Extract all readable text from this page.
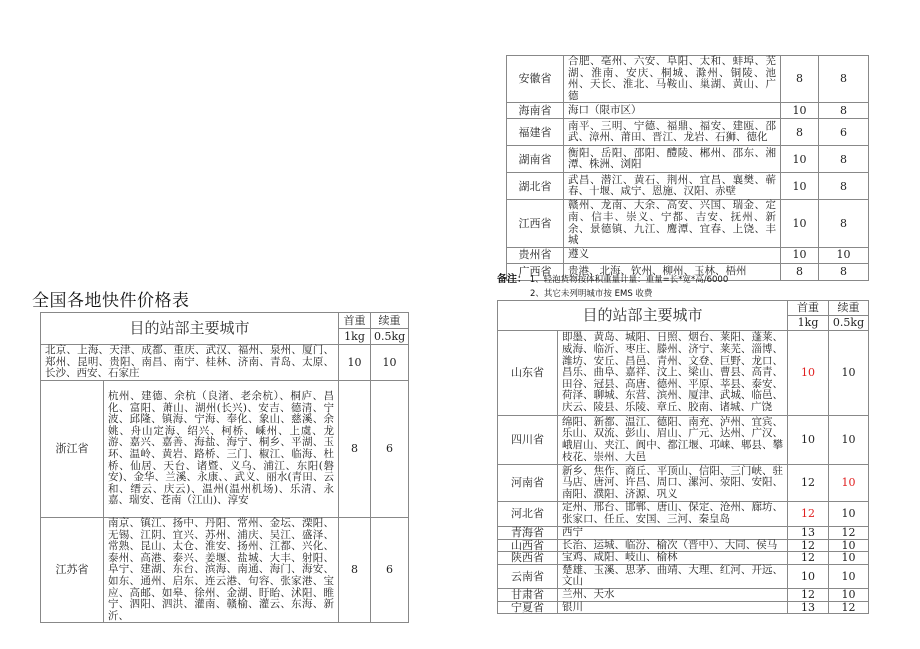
全国各地快件价格表
目的站部主要城市		首重	续重
		1kg	0.5kg
北京、上海、天津、成都、重庆、武汉、福州、泉州、厦门、郑州、昆明、贵阳、南昌、南宁、桂林、济南、青岛、太原、长沙、西安、石家庄		10	10
浙江省	杭州、建德、余杭（良渚、老余杭）、桐庐、昌化、富阳、萧山、湖州(长兴)、安吉、德清、宁波、邱隆、镇海、宁海、奉化、象山、慈溪、余姚、舟山定海、绍兴、柯桥、嵊州、上虞、龙游、嘉兴、嘉善、海盐、海宁、桐乡、平湖、玉环、温岭、黄岩、路桥、三门、椒江、临海、杜桥、仙居、天台、诸暨、义乌、浦江、东阳(磐安)、金华、兰溪、永康、、武义、丽水(青田、云和、缙云、庆云)、温州(温州机场)、乐清、永嘉、瑞安、苍南（江山)、淳安	8	6
江苏省	南京、镇江、扬中、丹阳、常州、金坛、溧阳、无锡、江阴、宜兴、苏州、浦庆、吴江、盛泽、常熟、昆山、太仓、淮安、扬州、江都、兴化、泰州、高港、泰兴、姜堰、盐城、大丰、射阳、阜宁、建湖、东台、滨海、南通、海门、海安、如东、通州、启东、连云港、句容、张家港、宝应、高邮、如皋、徐州、金湖、盱眙、沭阳、睢宁、泗阳、泗洪、灌南、赣榆、灌云、东海、新沂、	8	6
安徽省	合肥、亳州、六安、阜阳、太和、蚌埠、芜湖、淮南、安庆、桐城、滁州、铜陵、池州、天长、淮北、马鞍山、巢湖、黄山、广德	8	8
海南省	海口（限市区）	10	8
福建省	南平、三明、宁德、福鼎、福安、建瓯、邵武、漳州、莆田、晋江、龙岩、石狮、德化	8	6
湖南省	衡阳、岳阳、邵阳、醴陵、郴州、邵东、湘潭、株洲、浏阳	10	8
湖北省	武昌、潜江、黄石、荆州、宜昌、襄樊、蕲春、十堰、咸宁、恩施、汉阳、赤壁	10	8
江西省	赣州、龙南、大余、高安、兴国、瑞金、定南、信丰、崇义、宁都、吉安、抚州、新余、景德镇、九江、鹰潭、宜春、上饶、丰城	10	8
贵州省	遵义	10	10
广西省	贵港、北海、钦州、柳州、玉林、梧州	8	8
备注： 1、轻泡货物按体积重量计量：重量=长*宽*高/6000
2、其它未列明城市按 EMS 收费
目的站部主要城市		首重	续重
		1kg	0.5kg
山东省	即墨、黄岛、城阳、日照、烟台、莱阳、蓬莱、威海、临沂、枣庄、滕州、济宁、莱芜、淄博、潍坊、安丘、昌邑、青州、文登、巨野、龙口、昌乐、曲阜、嘉祥、汶上、梁山、曹县、高青、田谷、冠县、高唐、德州、平原、莘县、泰安、荷泽、聊城、东营、滨州、厦津、武城、临邑、庆云、陵县、乐陵、章丘、胶南、诸城、广饶	10	10
四川省	绵阳、新都、温江、德阳、南充、泸州、宜宾、乐山、双流、彭山、眉山、广元、达州、广汉、峨眉山、夹江、阆中、都江堰、邛崃、郫县、攀枝花、崇州、大邑	10	10
河南省	新乡、焦作、商丘、平顶山、信阳、三门峡、驻马店、唐河、许昌、周口、漯河、荥阳、安阳、南阳、濮阳、济源、巩义	12	10
河北省	定州、邢台、邯郸、唐山、保定、沧州、廊坊、张家口、任丘、安国、三河、秦皇岛	12	10
青海省	西宁	13	12
山西省	长治、运城、临汾、榆次（晋中）、大同、侯马	12	10
陕西省	宝鸡、咸阳、岐山、榆林	12	10
云南省	楚雄、玉溪、思茅、曲靖、大理、红河、开远、文山	10	10
甘肃省	兰州、天水	12	10
宁夏省	银川	13	12
